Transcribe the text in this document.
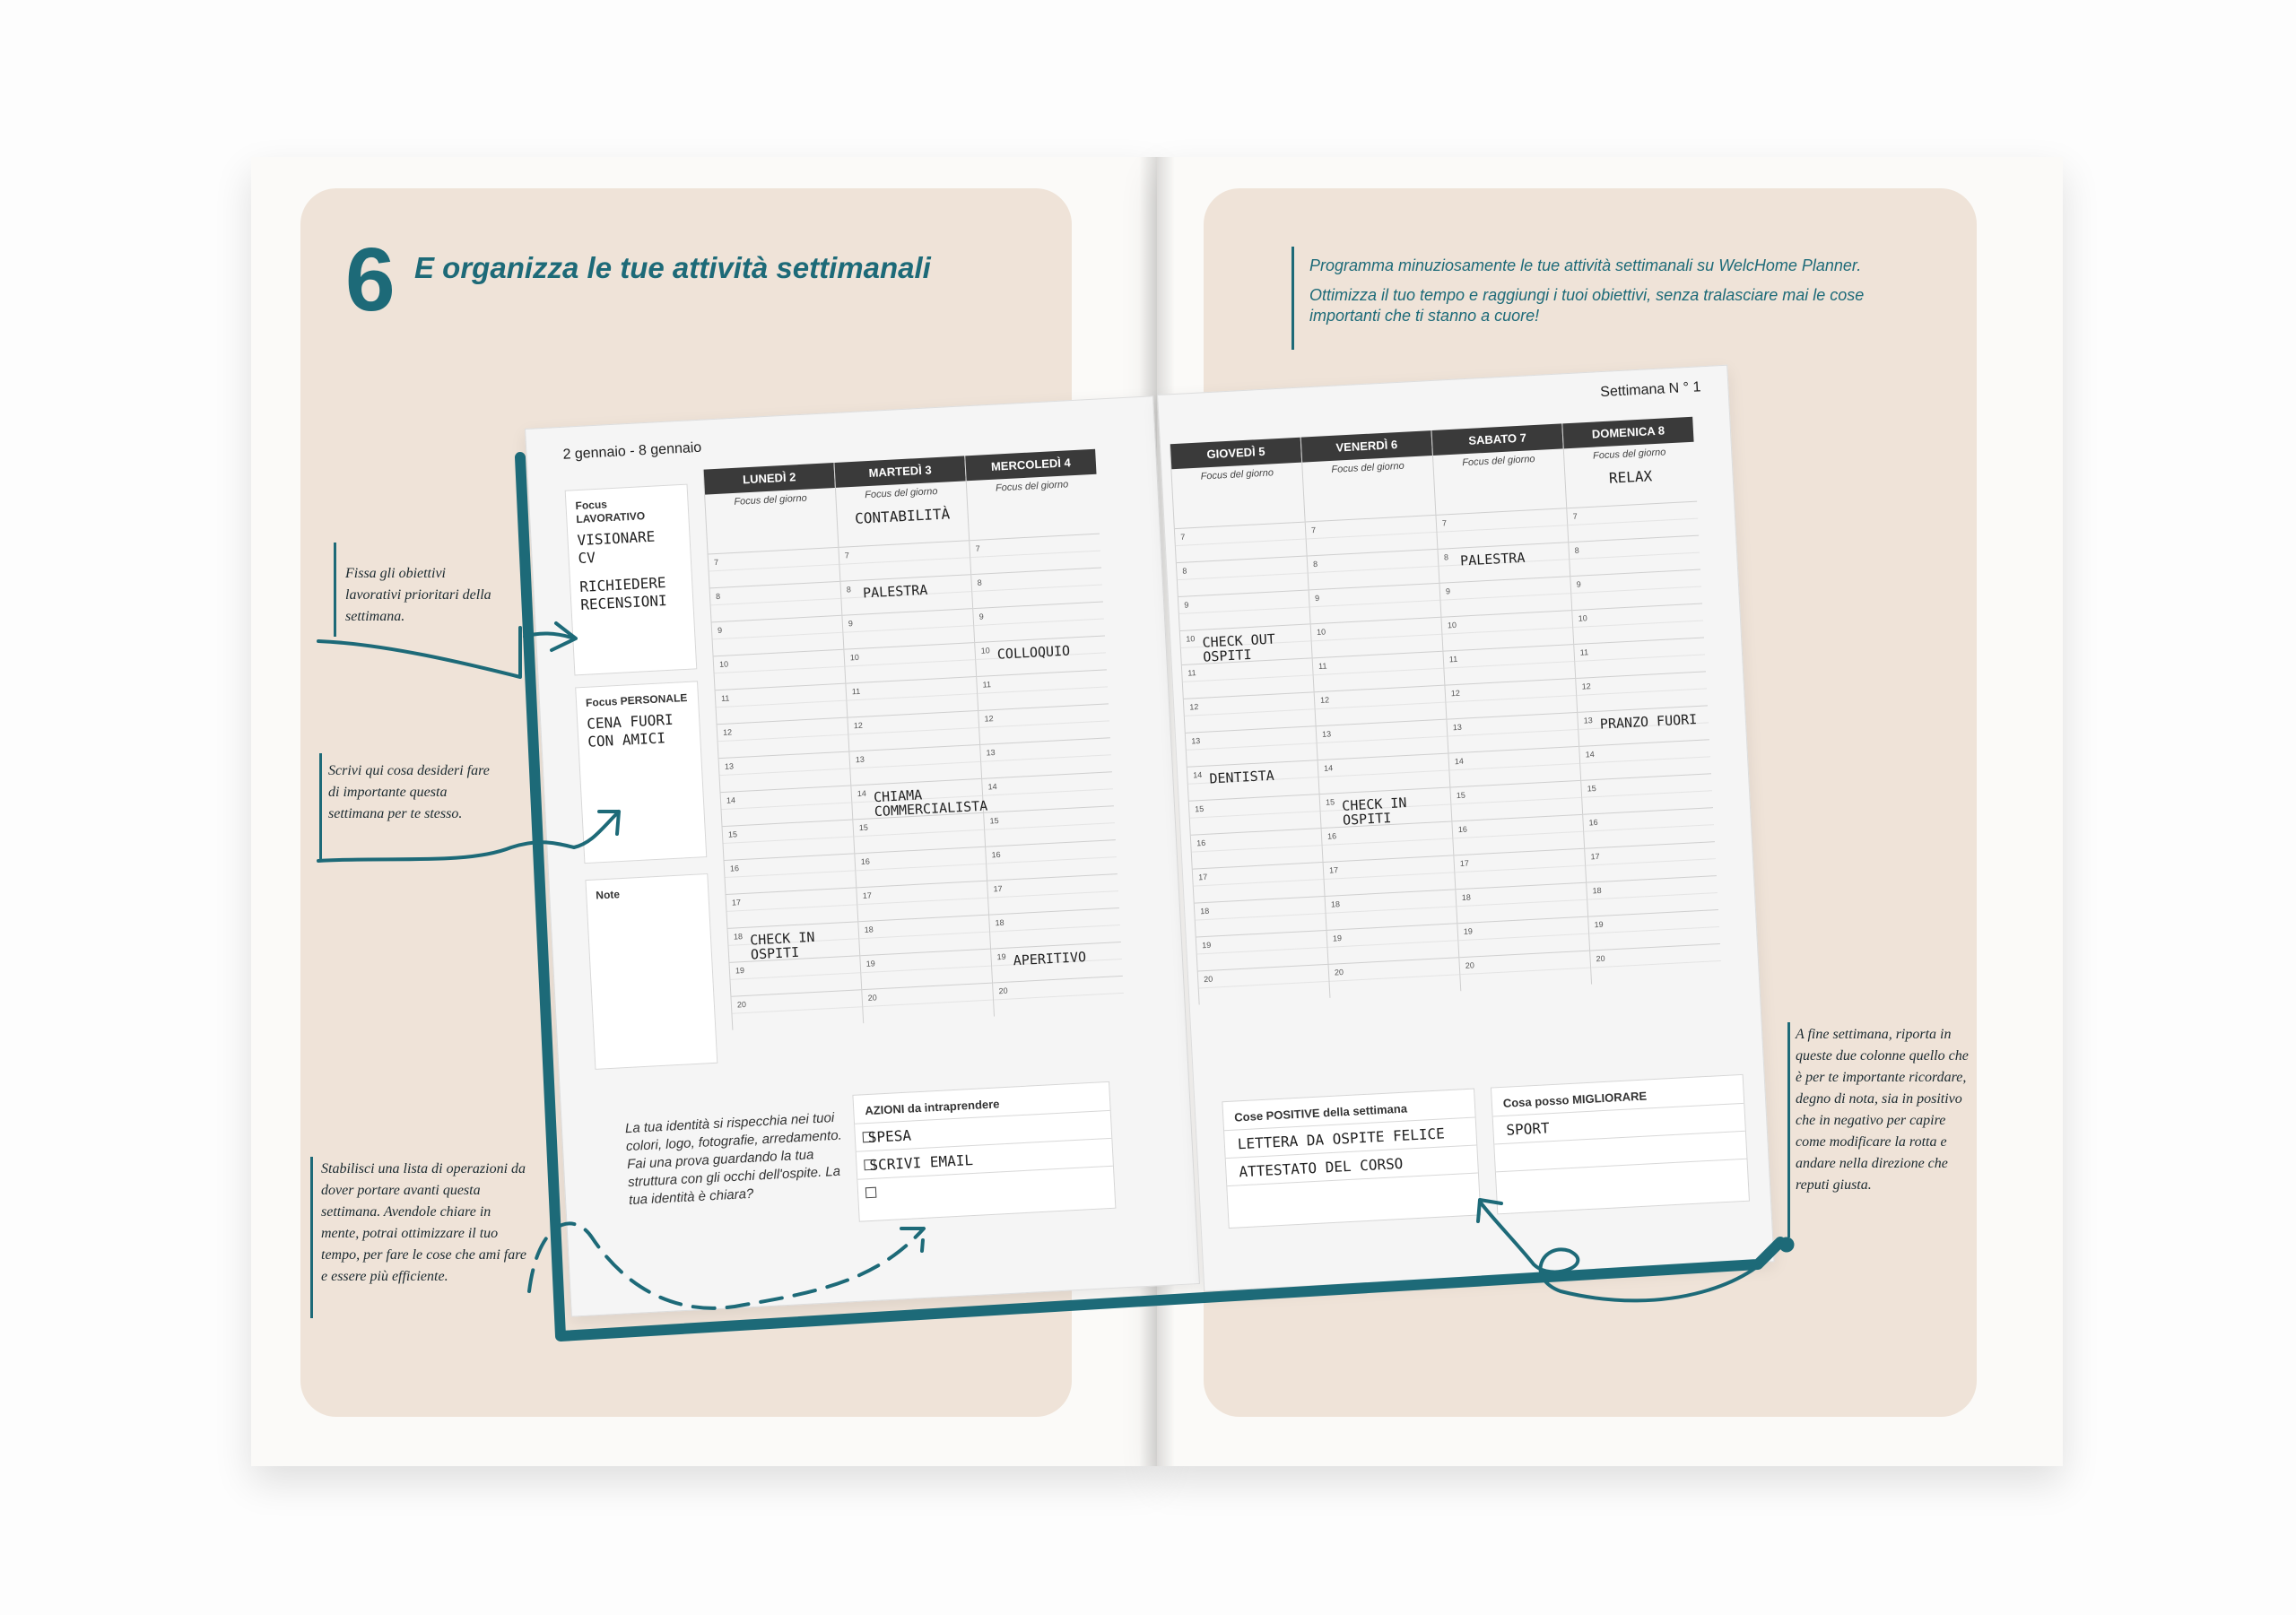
6 E organizza le tue attività settimanali	Programma minuziosamente le tue attività settimanali su WelcHome Planner.

Ottimizza il tuo tempo e raggiungi i tuoi obiettivi, senza tralasciare mai le cose importanti che ti stanno a cuore!

Fissa gli obiettivi lavorativi prioritari della settimana.
Scrivi qui cosa desideri fare di importante questa settimana per te stesso.
Stabilisci una lista di operazioni da dover portare avanti questa settimana. Avendole chiare in mente, potrai ottimizzare il tuo tempo, per fare le cose che ami fare e essere più efficiente.
A fine settimana, riporta in queste due colonne quello che è per te importante ricordare, degno di nota, sia in positivo che in negativo per capire come modificare la rotta e andare nella direzione che reputi giusta.
2 gennaio - 8 gennaio
Focus LAVORATIVO
VISIONARE CV
RICHIEDERE RECENSIONI
Focus PERSONALE
CENA FUORI CON AMICI
Note
LUNEDÌ 2
Focus del giorno
7
8
9
10
11
12
13
14
15
16
17
18 CHECK IN OSPITI
19
20
MARTEDÌ 3
Focus del giorno
CONTABILITÀ
7
8 PALESTRA
9
10
11
12
13
14 CHIAMA COMMERCIALISTA
15
16
17
18
19
20
MERCOLEDÌ 4
Focus del giorno
7
8
9
10 COLLOQUIO
11
12
13
14
15
16
17
18
19 APERITIVO
20
La tua identità si rispecchia nei tuoi colori, logo, fotografie, arredamento. Fai una prova guardando la tua struttura con gli occhi dell'ospite. La tua identità è chiara?
AZIONI da intraprendere
SPESA
SCRIVI EMAIL
Settimana N ° 1
GIOVEDÌ 5
Focus del giorno
7
8
9
10 CHECK OUT OSPITI
11
12
13
14 DENTISTA
15
16
17
18
19
20
VENERDÌ 6
Focus del giorno
7
8
9
10
11
12
13
14
15 CHECK IN OSPITI
16
17
18
19
20
SABATO 7
Focus del giorno
7
8 PALESTRA
9
10
11
12
13
14
15
16
17
18
19
20
DOMENICA 8
Focus del giorno
RELAX
7
8
9
10
11
12
13 PRANZO FUORI
14
15
16
17
18
19
20
Cose POSITIVE della settimana
LETTERA DA OSPITE FELICE
ATTESTATO DEL CORSO
Cosa posso MIGLIORARE
SPORT
